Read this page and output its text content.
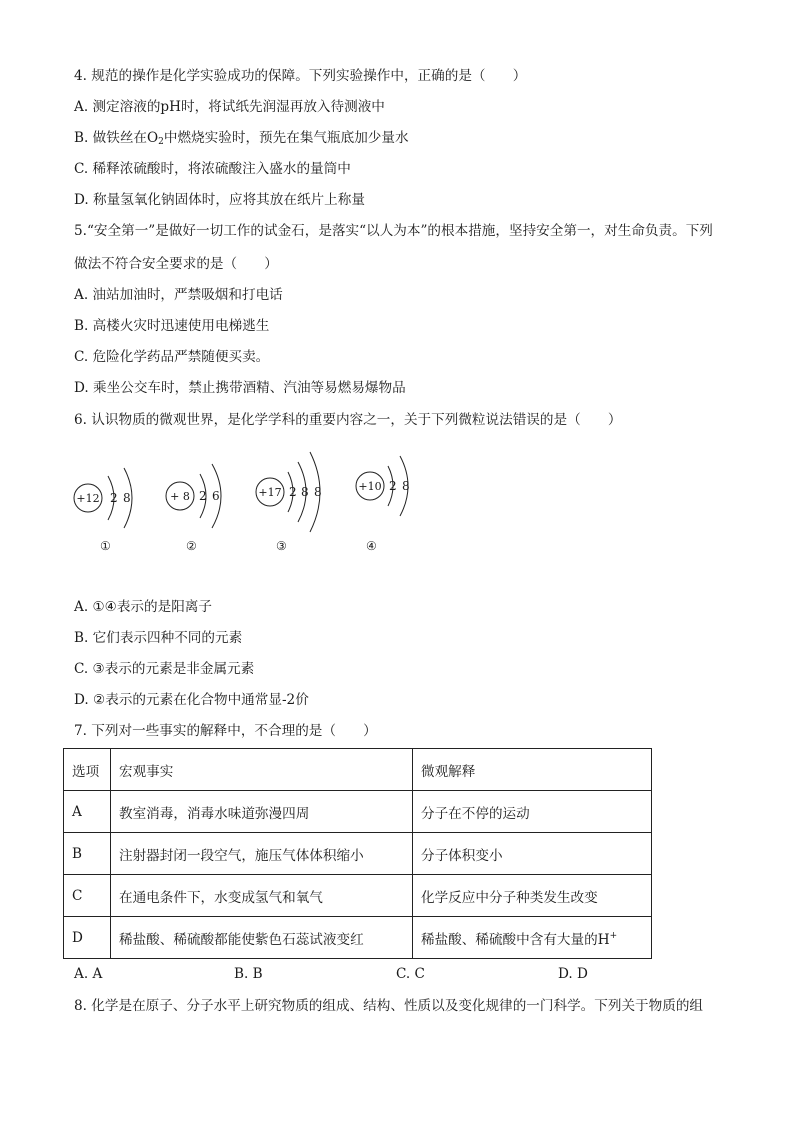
4. 规范的操作是化学实验成功的保障。下列实验操作中，正确的是（　　）
A. 测定溶液的pH时，将试纸先润湿再放入待测液中
B. 做铁丝在$O_2$中燃烧实验时，预先在集气瓶底加少量水
C. 稀释浓硫酸时，将浓硫酸注入盛水的量筒中
D. 称量氢氧化钠固体时，应将其放在纸片上称量
5.“安全第一”是做好一切工作的试金石，是落实“以人为本”的根本措施，坚持安全第一，对生命负责。下列
做法不符合安全要求的是（　　）
A. 油站加油时，严禁吸烟和打电话
B. 高楼火灾时迅速使用电梯逃生
C. 危险化学药品严禁随便买卖。
D. 乘坐公交车时，禁止携带酒精、汽油等易燃易爆物品
6. 认识物质的微观世界，是化学学科的重要内容之一，关于下列微粒说法错误的是（　　）
+12 2 8
①
+ 8 2 6
②
+17 2 8 8
③
+10 2 8
④
A. ①④表示的是阳离子
B. 它们表示四种不同的元素
C. ③表示的元素是非金属元素
D. ②表示的元素在化合物中通常显-2价
7. 下列对一些事实的解释中，不合理的是（　　）
选项	宏观事实	微观解释
A	教室消毒，消毒水味道弥漫四周	分子在不停的运动
B	注射器封闭一段空气，施压气体体积缩小	分子体积变小
C	在通电条件下，水变成氢气和氧气	化学反应中分子种类发生改变
D	稀盐酸、稀硫酸都能使紫色石蕊试液变红	稀盐酸、稀硫酸中含有大量的H+
A. A	B. B	C. C	D. D
8. 化学是在原子、分子水平上研究物质的组成、结构、性质以及变化规律的一门科学。下列关于物质的组
